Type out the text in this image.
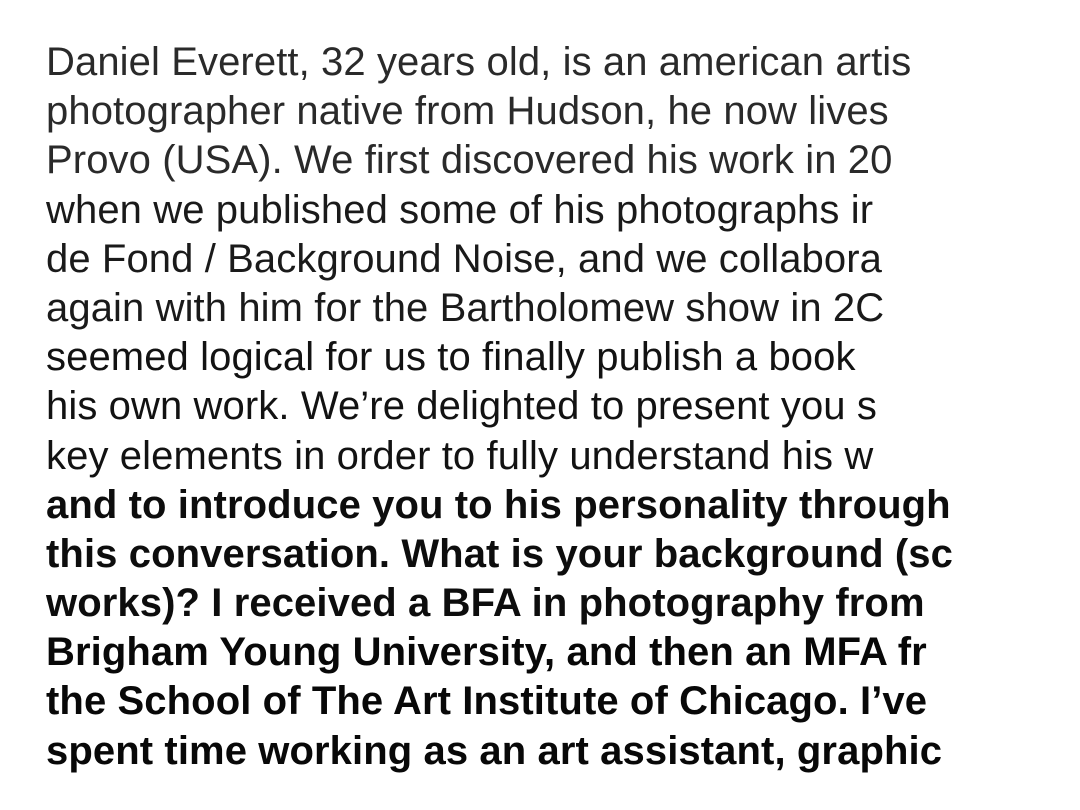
Daniel Everett, 32 years old, is an american artis
photographer native from Hudson, he now lives
Provo (USA). We first discovered his work in 20
when we published some of his photographs ir
de Fond / Background Noise, and we collabora
again with him for the Bartholomew show in 2C
seemed logical for us to finally publish a book
his own work. We’re delighted to present you s
key elements in order to fully understand his w
and to introduce you to his personality through
this conversation. What is your background (sc
works)? I received a BFA in photography from
Brigham Young University, and then an MFA fr
the School of The Art Institute of Chicago. I’ve
spent time working as an art assistant, graphic
